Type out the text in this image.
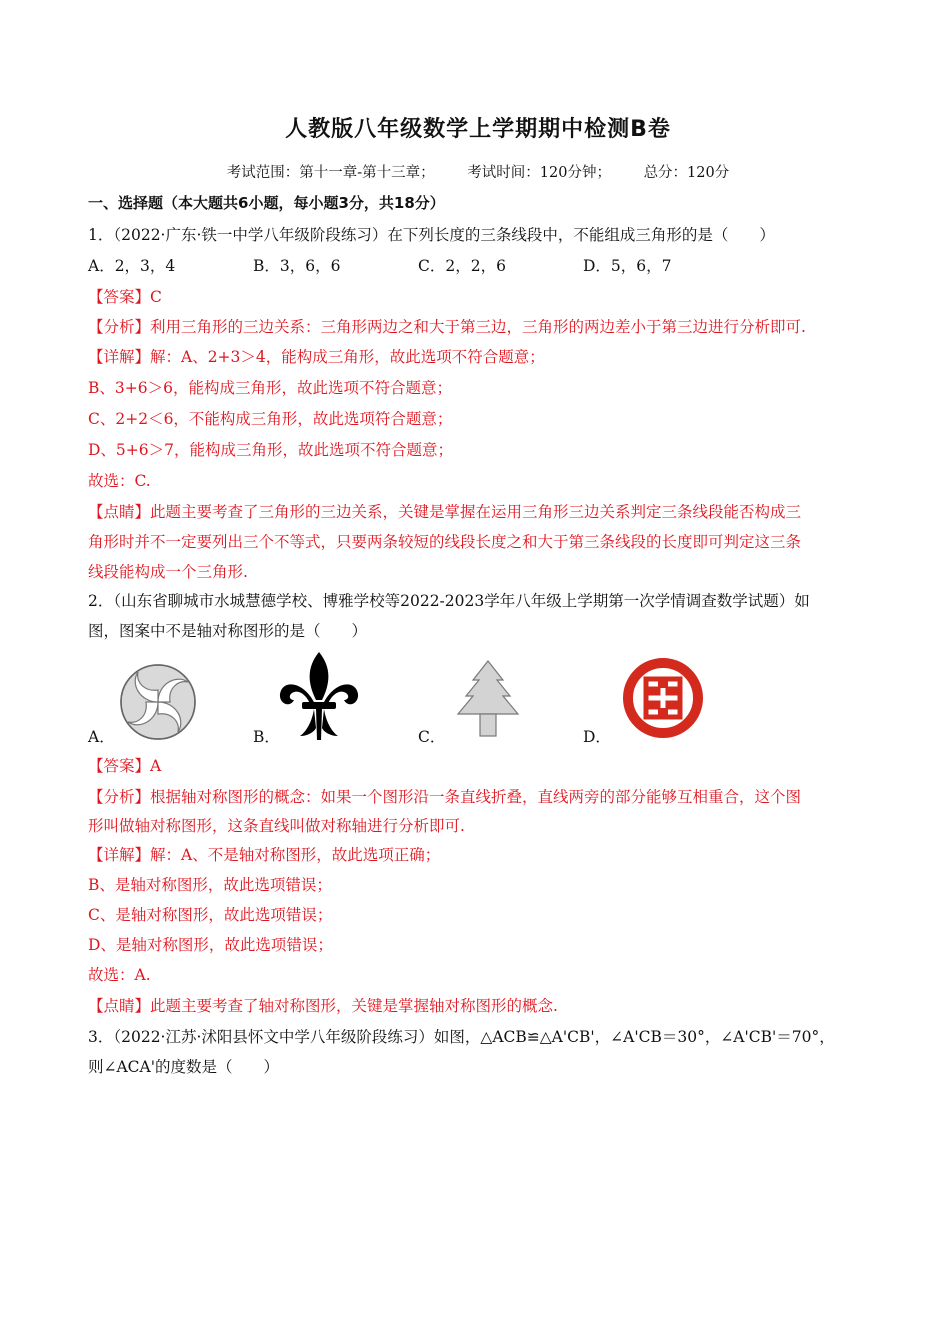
人教版八年级数学上学期期中检测B卷
考试范围：第十一章-第十三章； 考试时间：120分钟； 总分：120分
一、选择题（本大题共6小题，每小题3分，共18分）
1．（2022·广东·铁一中学八年级阶段练习）在下列长度的三条线段中，不能组成三角形的是（　　）
A．2，3，4	B．3，6，6	C．2，2，6	D．5，6，7
【答案】C
【分析】利用三角形的三边关系：三角形两边之和大于第三边，三角形的两边差小于第三边进行分析即可.
【详解】解：A、2+3＞4，能构成三角形，故此选项不符合题意；
B、3+6＞6，能构成三角形，故此选项不符合题意；
C、2+2＜6，不能构成三角形，故此选项符合题意；
D、5+6＞7，能构成三角形，故此选项不符合题意；
故选：C.
【点睛】此题主要考查了三角形的三边关系，关键是掌握在运用三角形三边关系判定三条线段能否构成三
角形时并不一定要列出三个不等式，只要两条较短的线段长度之和大于第三条线段的长度即可判定这三条
线段能构成一个三角形.
2．（山东省聊城市水城慧德学校、博雅学校等2022-2023学年八年级上学期第一次学情调查数学试题）如
图，图案中不是轴对称图形的是（　　）
A．	B．	C．	D．
【答案】A
【分析】根据轴对称图形的概念：如果一个图形沿一条直线折叠，直线两旁的部分能够互相重合，这个图
形叫做轴对称图形，这条直线叫做对称轴进行分析即可.
【详解】解：A、不是轴对称图形，故此选项正确；
B、是轴对称图形，故此选项错误；
C、是轴对称图形，故此选项错误；
D、是轴对称图形，故此选项错误；
故选：A.
【点睛】此题主要考查了轴对称图形，关键是掌握轴对称图形的概念.
3．（2022·江苏·沭阳县怀文中学八年级阶段练习）如图，△ACB≌△A'CB'，∠A'CB＝30°，∠A'CB'＝70°，
则∠ACA'的度数是（　　）
